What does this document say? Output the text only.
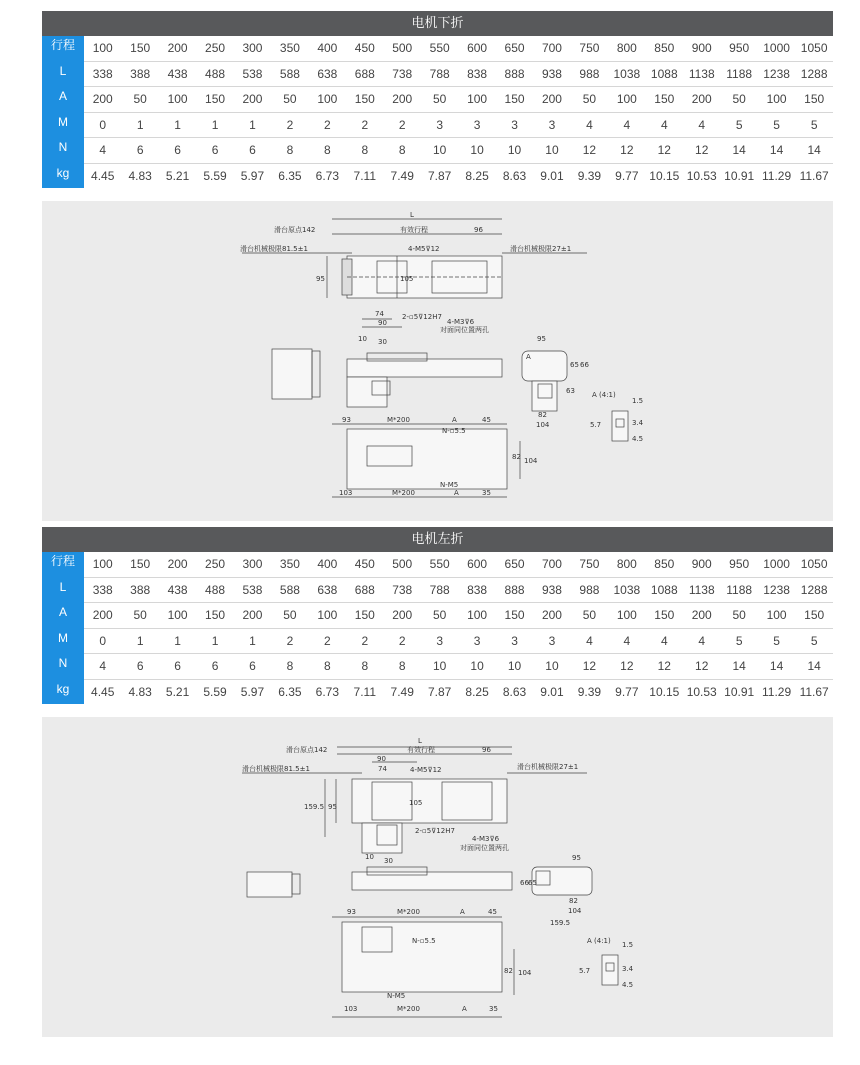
电机下折
行程	100	150	200	250	300	350	400	450	500	550	600	650	700	750	800	850	900	950	1000	1050
L	338	388	438	488	538	588	638	688	738	788	838	888	938	988	1038	1088	1138	1188	1238	1288
A	200	50	100	150	200	50	100	150	200	50	100	150	200	50	100	150	200	50	100	150
M	0	1	1	1	1	2	2	2	2	3	3	3	3	4	4	4	4	5	5	5
N	4	6	6	6	6	8	8	8	8	10	10	10	10	12	12	12	12	14	14	14
kg	4.45	4.83	5.21	5.59	5.97	6.35	6.73	7.11	7.49	7.87	8.25	8.63	9.01	9.39	9.77	10.15	10.53	10.91	11.29	11.67
L
滑台原点142	有效行程	96
滑台机械极限81.5±1	滑台机械极限27±1
4-M5⊽12
95	105
74
90
2-▫5⊽12H7
4-M3⊽6
对面同位置两孔
10 30	95
65 66
63
82
104
A (4:1)
1.5
5.7	3.4
4.5
93	M*200	A	45
N-▫5.5
N-M5
82 104
103	M*200	A	35
A
电机左折
行程	100	150	200	250	300	350	400	450	500	550	600	650	700	750	800	850	900	950	1000	1050
L	338	388	438	488	538	588	638	688	738	788	838	888	938	988	1038	1088	1138	1188	1238	1288
A	200	50	100	150	200	50	100	150	200	50	100	150	200	50	100	150	200	50	100	150
M	0	1	1	1	1	2	2	2	2	3	3	3	3	4	4	4	4	5	5	5
N	4	6	6	6	6	8	8	8	8	10	10	10	10	12	12	12	12	14	14	14
kg	4.45	4.83	5.21	5.59	5.97	6.35	6.73	7.11	7.49	7.87	8.25	8.63	9.01	9.39	9.77	10.15	10.53	10.91	11.29	11.67
L
滑台原点142	有效行程	96
90
74	4-M5⊽12
滑台机械极限81.5±1	滑台机械极限27±1
159.5 95	105
2-▫5⊽12H7
4-M3⊽6
对面同位置两孔
10 30	95
66 65
82
104
159.5
93	M*200	A	45
N-▫5.5
N-M5
82 104
103	M*200	A	35
A (4:1) 1.5
5.7	3.4
4.5
